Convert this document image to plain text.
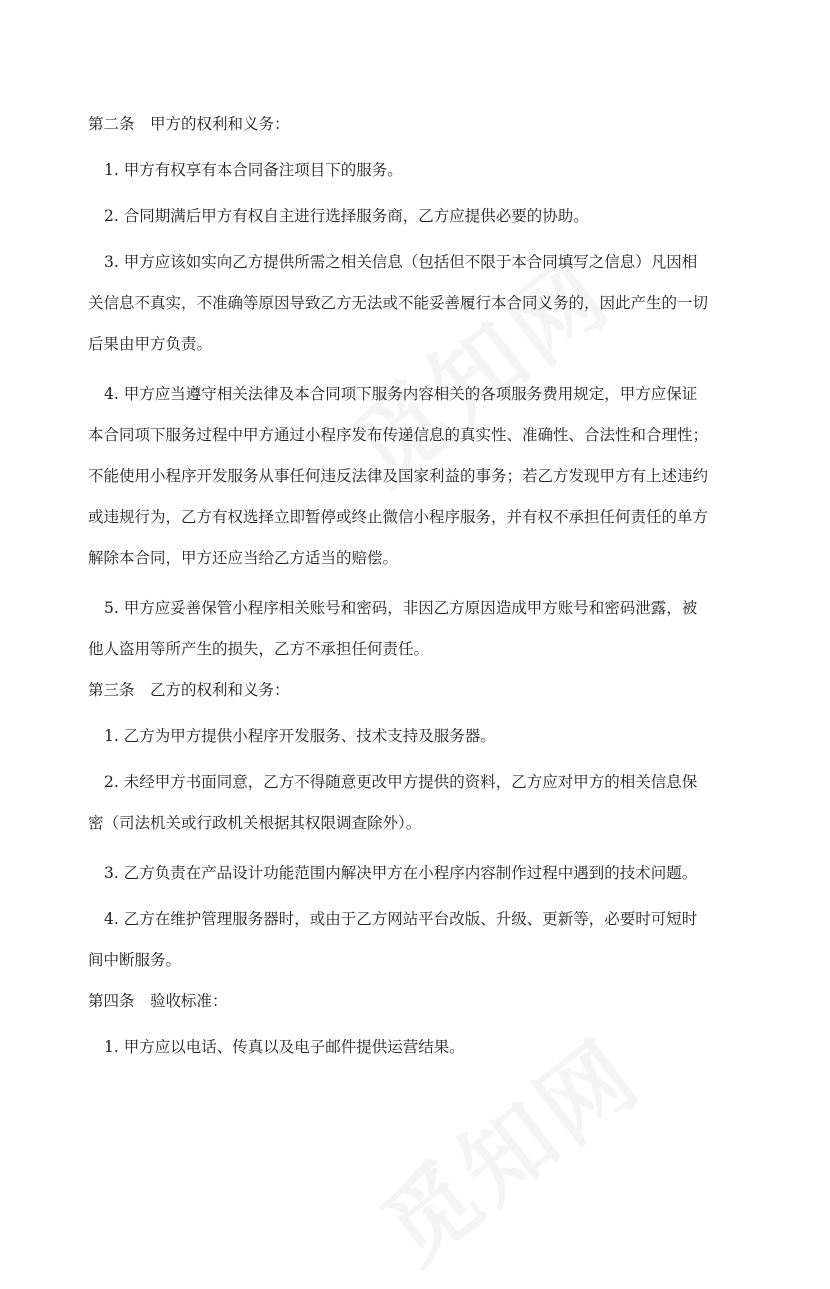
第二条　甲方的权利和义务：
1. 甲方有权享有本合同备注项目下的服务。
2. 合同期满后甲方有权自主进行选择服务商，乙方应提供必要的协助。
3. 甲方应该如实向乙方提供所需之相关信息（包括但不限于本合同填写之信息）凡因相
关信息不真实，不准确等原因导致乙方无法或不能妥善履行本合同义务的，因此产生的一切
后果由甲方负责。
4. 甲方应当遵守相关法律及本合同项下服务内容相关的各项服务费用规定，甲方应保证
本合同项下服务过程中甲方通过小程序发布传递信息的真实性、准确性、合法性和合理性；
不能使用小程序开发服务从事任何违反法律及国家利益的事务；若乙方发现甲方有上述违约
或违规行为，乙方有权选择立即暂停或终止微信小程序服务，并有权不承担任何责任的单方
解除本合同，甲方还应当给乙方适当的赔偿。
5. 甲方应妥善保管小程序相关账号和密码，非因乙方原因造成甲方账号和密码泄露，被
他人盗用等所产生的损失，乙方不承担任何责任。
第三条　乙方的权利和义务：
1. 乙方为甲方提供小程序开发服务、技术支持及服务器。
2. 未经甲方书面同意，乙方不得随意更改甲方提供的资料，乙方应对甲方的相关信息保
密（司法机关或行政机关根据其权限调查除外）。
3. 乙方负责在产品设计功能范围内解决甲方在小程序内容制作过程中遇到的技术问题。
4. 乙方在维护管理服务器时，或由于乙方网站平台改版、升级、更新等，必要时可短时
间中断服务。
第四条　验收标准：
1. 甲方应以电话、传真以及电子邮件提供运营结果。
